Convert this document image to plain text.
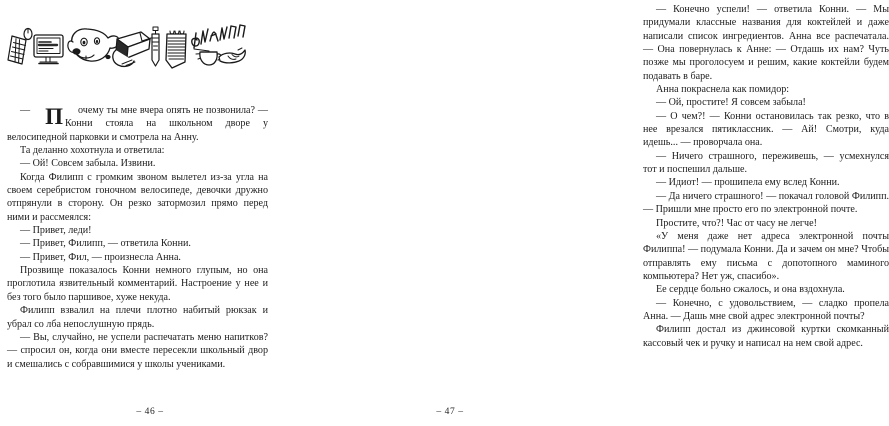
— П очему ты мне вчера опять не позвонила? — Конни стояла на школьном дворе у велосипедной парковки и смотрела на Анну.

Та деланно хохотнула и ответила:

— Ой! Совсем забыла. Извини.

Когда Филипп с громким звоном вылетел из-за угла на своем серебристом гоночном велосипеде, девочки дружно отпрянули в сторону. Он резко затормозил прямо перед ними и рассмеялся:

— Привет, леди!

— Привет, Филипп, — ответила Конни.

— Привет, Фил, — произнесла Анна.

Прозвище показалось Конни немного глупым, но она проглотила язвительный комментарий. Настроение у нее и без того было паршивое, хуже некуда.

Филипп взвалил на плечи плотно набитый рюкзак и убрал со лба непослушную прядь.

— Вы, случайно, не успели распечатать меню напитков? — спросил он, когда они вместе пересекли школьный двор и смешались с собравшимися у школы учениками.

– 46 –

— Конечно успели! — ответила Конни. — Мы придумали классные названия для коктейлей и даже написали список ингредиентов. Анна все распечатала. — Она повернулась к Анне: — Отдашь их нам? Чуть позже мы проголосуем и решим, какие коктейли будем подавать в баре.

Анна покраснела как помидор:

— Ой, простите! Я совсем забыла!

— О чем?! — Конни остановилась так резко, что в нее врезался пятиклассник. — Ай! Смотри, куда идешь... — проворчала она.

— Ничего страшного, переживешь, — усмехнулся тот и поспешил дальше.

— Идиот! — прошипела ему вслед Конни.

— Да ничего страшного! — покачал головой Филипп. — Пришли мне просто его по электронной почте.

Простите, что?! Час от часу не легче!

«У меня даже нет адреса электронной почты Филиппа! — подумала Конни. Да и зачем он мне? Чтобы отправлять ему письма с допотопного маминого компьютера? Нет уж, спасибо».

Ее сердце больно сжалось, и она вздохнула.

— Конечно, с удовольствием, — сладко пропела Анна. — Дашь мне свой адрес электронной почты?

Филипп достал из джинсовой куртки скомканный кассовый чек и ручку и написал на нем свой адрес.

– 47 –
